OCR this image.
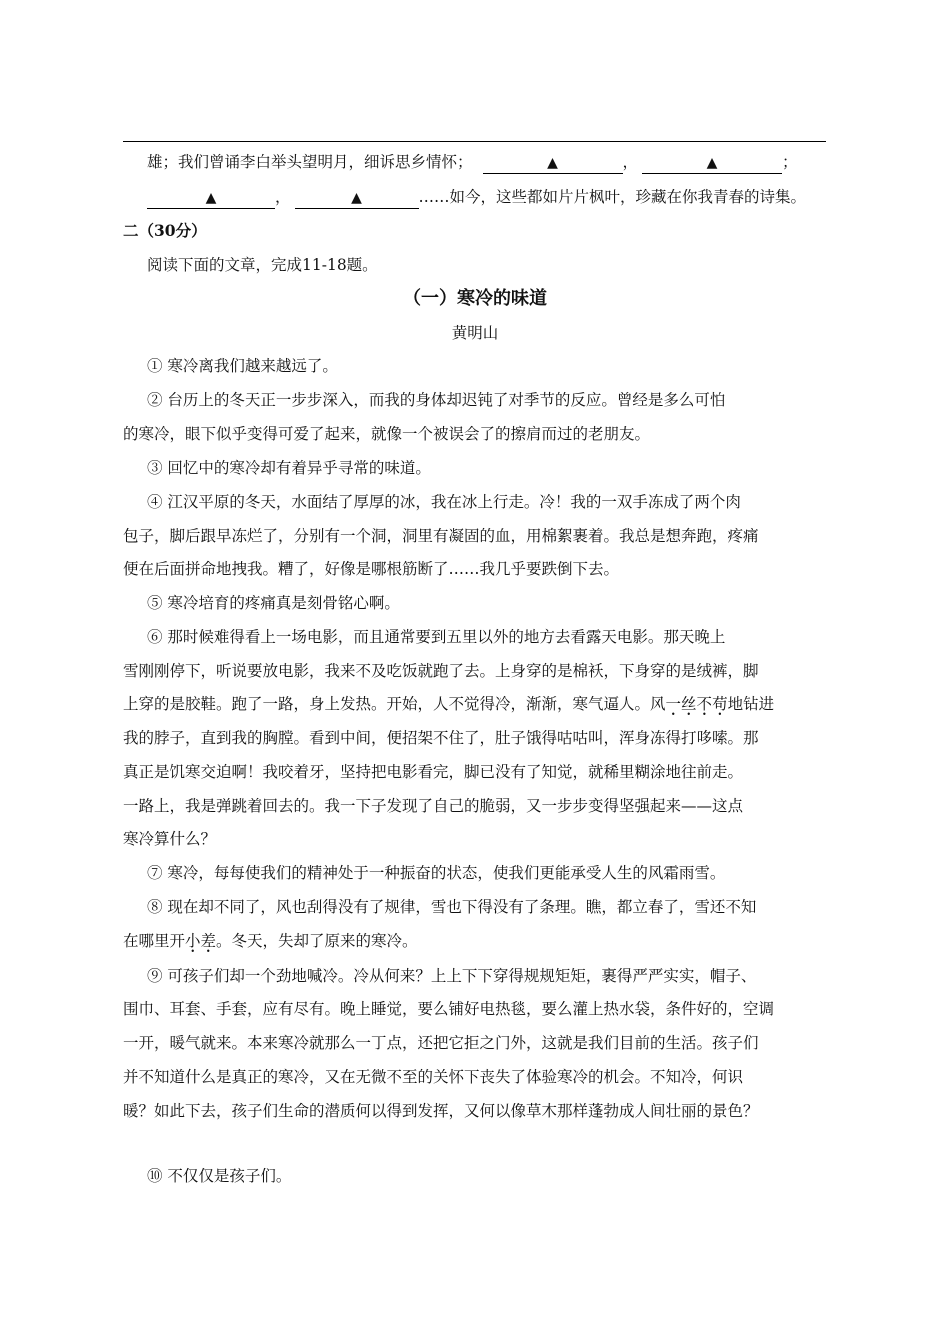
雄；我们曾诵李白举头望明月，细诉思乡情怀；	▲	，	▲	；
▲	，	▲	……如今，这些都如片片枫叶，珍藏在你我青春的诗集。
二（30分）
阅读下面的文章，完成11-18题。
（一）寒冷的味道
黄明山
① 寒冷离我们越来越远了。
② 台历上的冬天正一步步深入，而我的身体却迟钝了对季节的反应。曾经是多么可怕
的寒冷，眼下似乎变得可爱了起来，就像一个被误会了的擦肩而过的老朋友。
③ 回忆中的寒冷却有着异乎寻常的味道。
④ 江汉平原的冬天，水面结了厚厚的冰，我在冰上行走。冷！我的一双手冻成了两个肉
包子，脚后跟早冻烂了，分别有一个洞，洞里有凝固的血，用棉絮裹着。我总是想奔跑，疼痛
便在后面拼命地拽我。糟了，好像是哪根筋断了……我几乎要跌倒下去。
⑤ 寒冷培育的疼痛真是刻骨铭心啊。
⑥ 那时候难得看上一场电影，而且通常要到五里以外的地方去看露天电影。那天晚上
雪刚刚停下，听说要放电影，我来不及吃饭就跑了去。上身穿的是棉袄，下身穿的是绒裤，脚
上穿的是胶鞋。跑了一路，身上发热。开始，人不觉得冷，渐渐，寒气逼人。风一丝不苟地钻进
我的脖子，直到我的胸膛。看到中间，便招架不住了，肚子饿得咕咕叫，浑身冻得打哆嗦。那
真正是饥寒交迫啊！我咬着牙，坚持把电影看完，脚已没有了知觉，就稀里糊涂地往前走。
一路上，我是弹跳着回去的。我一下子发现了自己的脆弱，又一步步变得坚强起来——这点
寒冷算什么？
⑦ 寒冷，每每使我们的精神处于一种振奋的状态，使我们更能承受人生的风霜雨雪。
⑧ 现在却不同了，风也刮得没有了规律，雪也下得没有了条理。瞧，都立春了，雪还不知
在哪里开小差。冬天，失却了原来的寒冷。
⑨ 可孩子们却一个劲地喊冷。冷从何来？上上下下穿得规规矩矩，裹得严严实实，帽子、
围巾、耳套、手套，应有尽有。晚上睡觉，要么铺好电热毯，要么灌上热水袋，条件好的，空调
一开，暖气就来。本来寒冷就那么一丁点，还把它拒之门外，这就是我们目前的生活。孩子们
并不知道什么是真正的寒冷，又在无微不至的关怀下丧失了体验寒冷的机会。不知冷，何识
暖？如此下去，孩子们生命的潜质何以得到发挥，又何以像草木那样蓬勃成人间壮丽的景色？
⑩ 不仅仅是孩子们。
